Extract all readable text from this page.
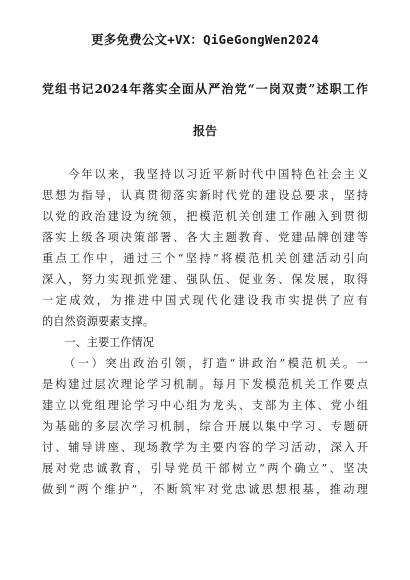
更多免费公文+VX：QiGeGongWen2024
党组书记2024年落实全面从严治党“一岗双责”述职工作
报告
　　今年以来，我坚持以习近平新时代中国特色社会主义
思想为指导，认真贯彻落实新时代党的建设总要求，坚持
以党的政治建设为统领，把模范机关创建工作融入到贯彻
落实上级各项决策部署、各大主题教育、党建品牌创建等
重点工作中，通过三个“坚持”将模范机关创建活动引向
深入，努力实现抓党建、强队伍、促业务、保发展，取得
一定成效，为推进中国式现代化建设我市实提供了应有
的自然资源要素支撑。
　　一、主要工作情况
　　（一）突出政治引领，打造“讲政治”模范机关。一
是构建过层次理论学习机制。每月下发模范机关工作要点
建立以党组理论学习中心组为龙头、支部为主体、党小组
为基础的多层次学习机制，综合开展以集中学习、专题研
讨、辅导讲座、现场教学为主要内容的学习活动，深入开
展对党忠诚教育，引导党员干部树立“两个确立”、坚决
做到“两个维护”，不断筑牢对党忠诚思想根基，推动理
